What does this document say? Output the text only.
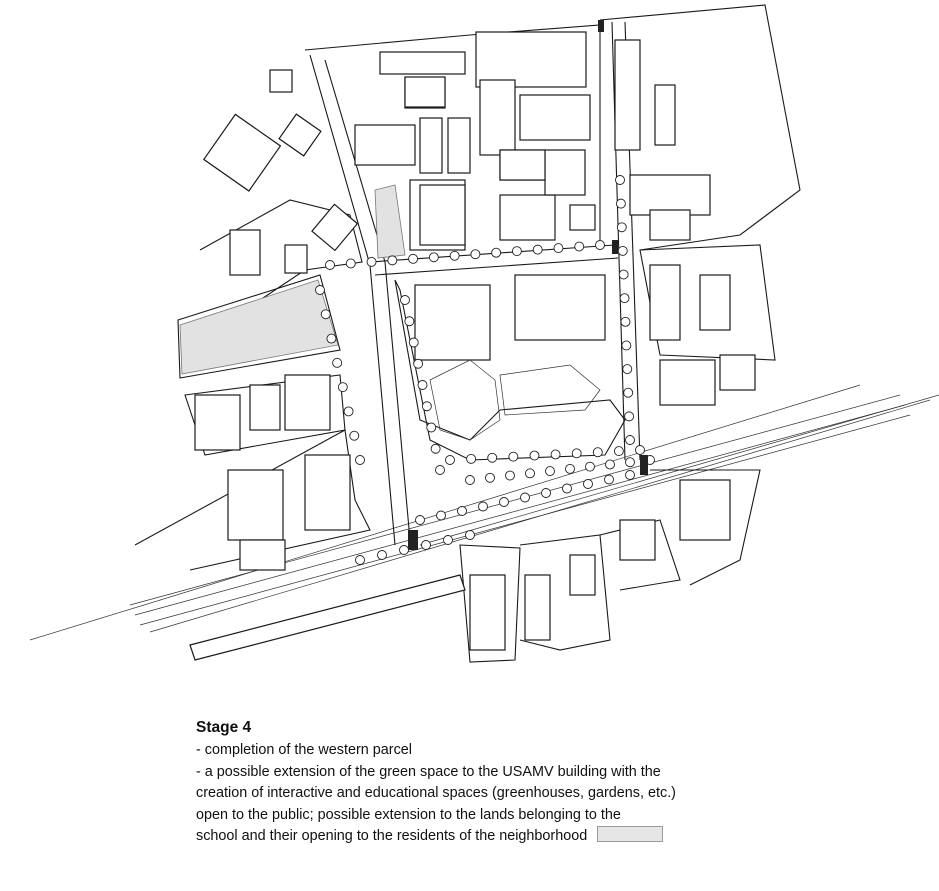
Stage 4
- completion of the western parcel
- a possible extension of the green space to the USAMV building with the
creation of interactive and educational spaces (greenhouses, gardens, etc.)
open to the public; possible extension to the lands belonging to the
school and their opening to the residents of the neighborhood
